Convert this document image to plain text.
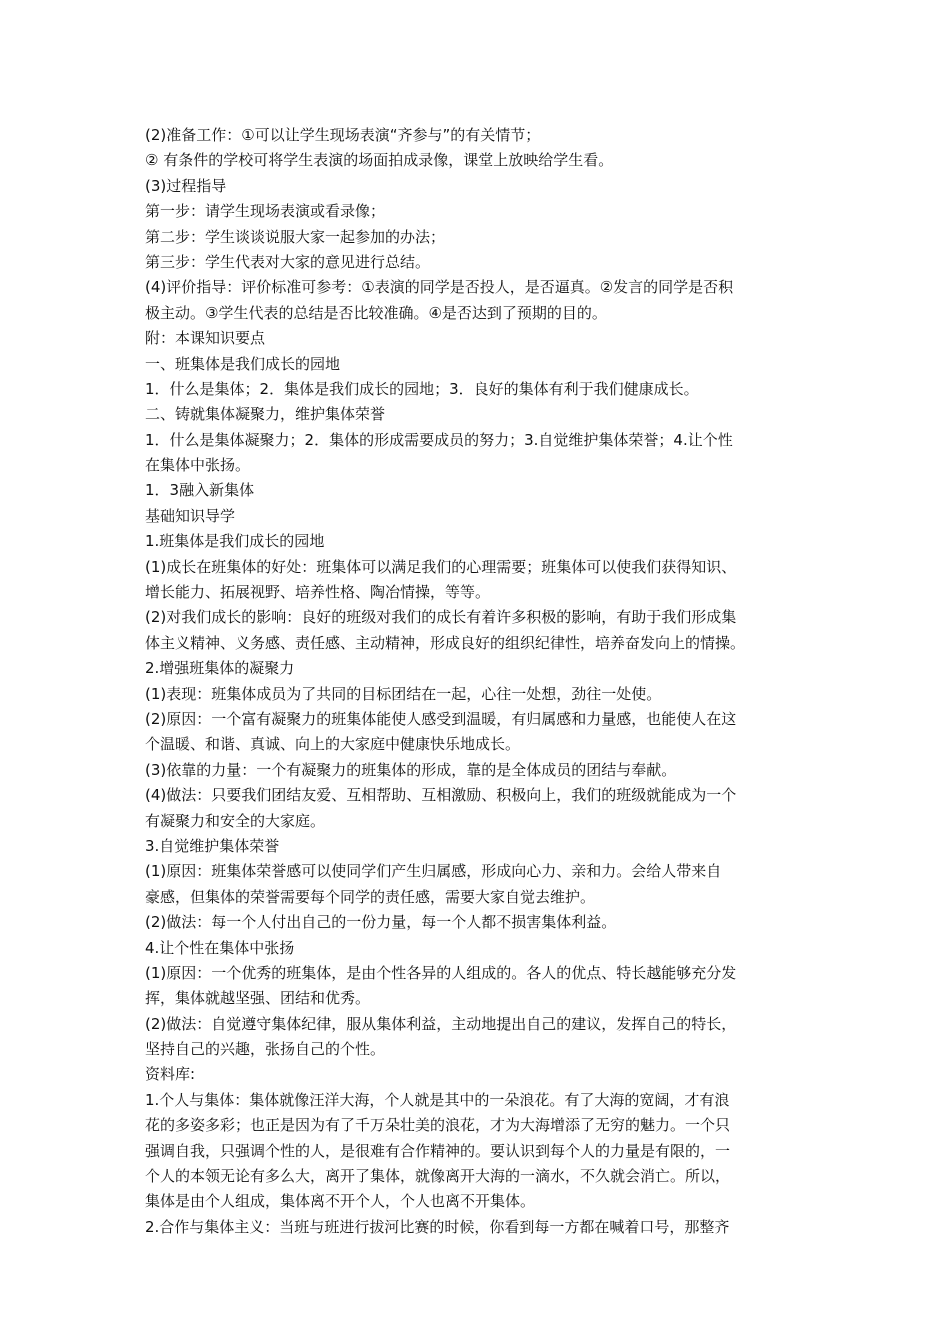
(2)准备工作：①可以让学生现场表演“齐参与”的有关情节；
② 有条件的学校可将学生表演的场面拍成录像，课堂上放映给学生看。
(3)过程指导
第一步：请学生现场表演或看录像；
第二步：学生谈谈说服大家一起参加的办法；
第三步：学生代表对大家的意见进行总结。
(4)评价指导：评价标准可参考：①表演的同学是否投人，是否逼真。②发言的同学是否积
极主动。③学生代表的总结是否比较准确。④是否达到了预期的目的。
附：本课知识要点
一、班集体是我们成长的园地
1．什么是集体；2．集体是我们成长的园地；3．良好的集体有利于我们健康成长。
二、铸就集体凝聚力，维护集体荣誉
1．什么是集体凝聚力；2．集体的形成需要成员的努力；3.自觉维护集体荣誉；4.让个性
在集体中张扬。
1．3融入新集体
基础知识导学
1.班集体是我们成长的园地
(1)成长在班集体的好处：班集体可以满足我们的心理需要；班集体可以使我们获得知识、
增长能力、拓展视野、培养性格、陶冶情操，等等。
(2)对我们成长的影响：良好的班级对我们的成长有着许多积极的影响，有助于我们形成集
体主义精神、义务感、责任感、主动精神，形成良好的组织纪律性，培养奋发向上的情操。
2.增强班集体的凝聚力
(1)表现：班集体成员为了共同的目标团结在一起，心往一处想，劲往一处使。
(2)原因：一个富有凝聚力的班集体能使人感受到温暖，有归属感和力量感，也能使人在这
个温暖、和谐、真诚、向上的大家庭中健康快乐地成长。
(3)依靠的力量：一个有凝聚力的班集体的形成，靠的是全体成员的团结与奉献。
(4)做法：只要我们团结友爱、互相帮助、互相激励、积极向上，我们的班级就能成为一个
有凝聚力和安全的大家庭。
3.自觉维护集体荣誉
(1)原因：班集体荣誉感可以使同学们产生归属感，形成向心力、亲和力。会给人带来自
豪感，但集体的荣誉需要每个同学的责任感，需要大家自觉去维护。
(2)做法：每一个人付出自己的一份力量，每一个人都不损害集体利益。
4.让个性在集体中张扬
(1)原因：一个优秀的班集体，是由个性各异的人组成的。各人的优点、特长越能够充分发
挥，集体就越坚强、团结和优秀。
(2)做法：自觉遵守集体纪律，服从集体利益，主动地提出自己的建议，发挥自己的特长，
坚持自己的兴趣，张扬自己的个性。
资料库:
1.个人与集体：集体就像汪洋大海，个人就是其中的一朵浪花。有了大海的宽阔，才有浪
花的多姿多彩；也正是因为有了千万朵壮美的浪花，才为大海增添了无穷的魅力。一个只
强调自我，只强调个性的人，是很难有合作精神的。要认识到每个人的力量是有限的，一
个人的本领无论有多么大，离开了集体，就像离开大海的一滴水，不久就会消亡。所以，
集体是由个人组成，集体离不开个人，个人也离不开集体。
2.合作与集体主义：当班与班进行拔河比赛的时候，你看到每一方都在喊着口号，那整齐
